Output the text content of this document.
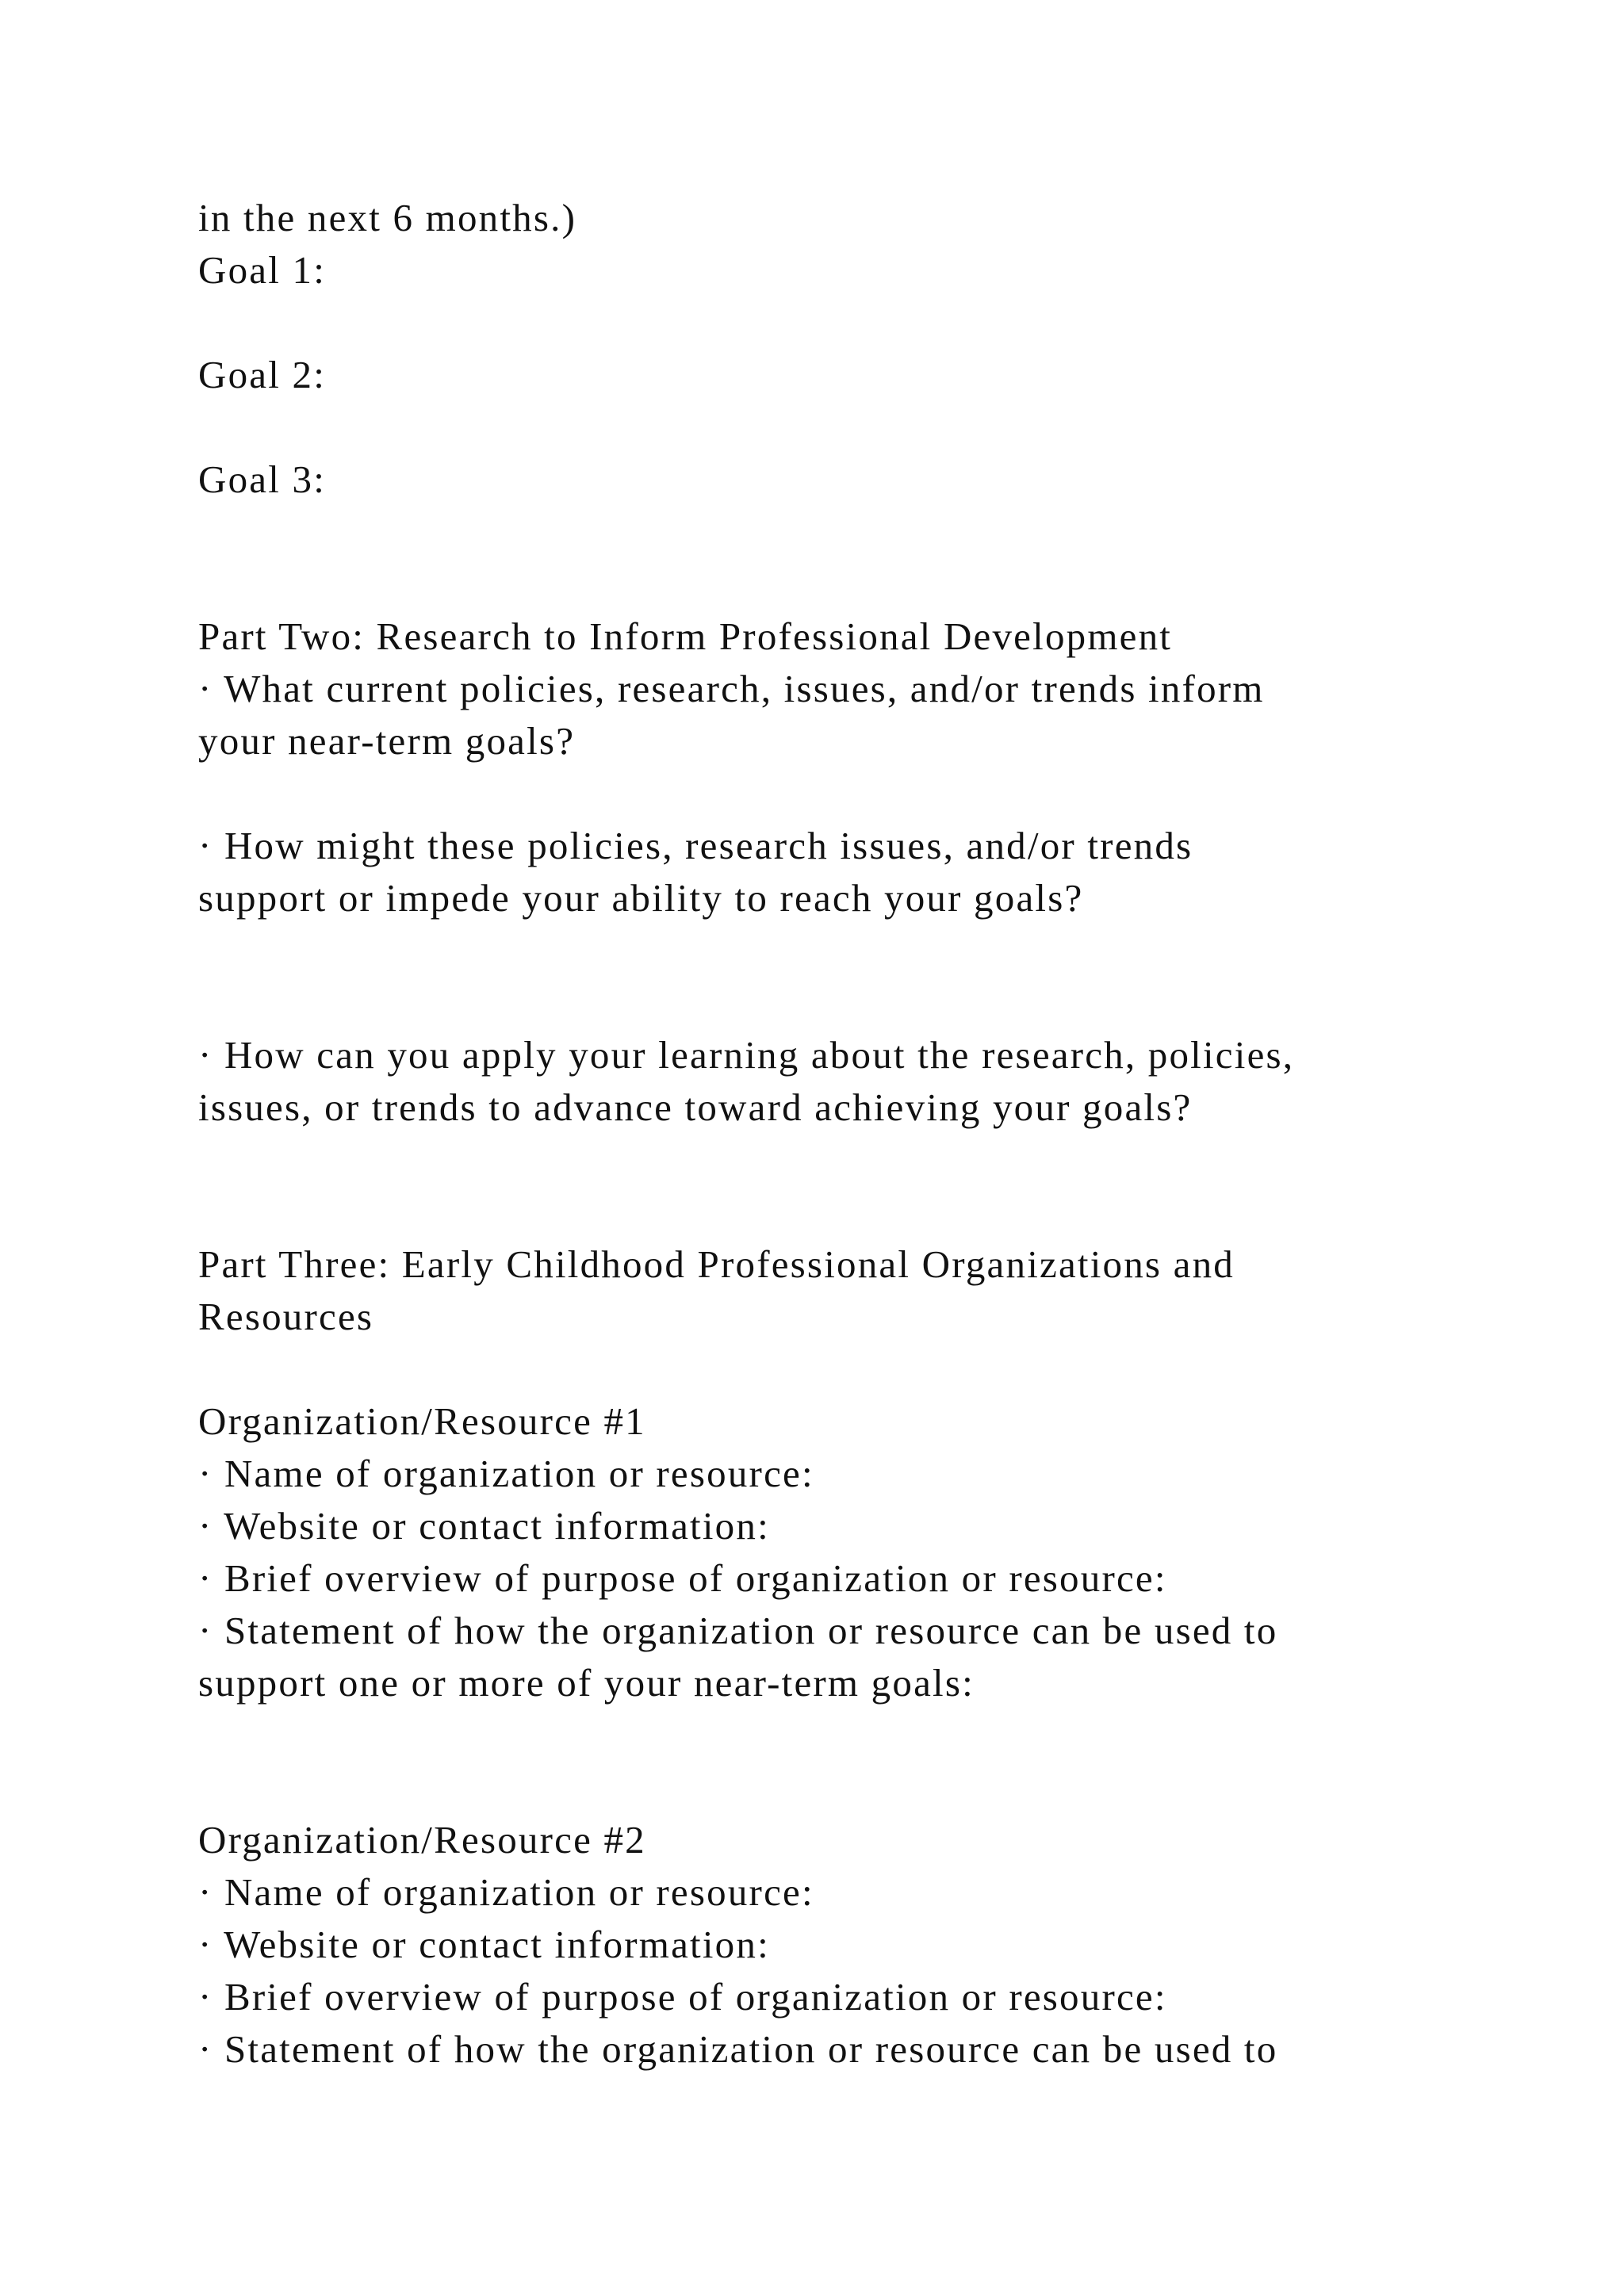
in the next 6 months.)
Goal 1:
Goal 2:
Goal 3:
Part Two: Research to Inform Professional Development
· What current policies, research, issues, and/or trends inform
your near-term goals?
· How might these policies, research issues, and/or trends
support or impede your ability to reach your goals?
· How can you apply your learning about the research, policies,
issues, or trends to advance toward achieving your goals?
Part Three: Early Childhood Professional Organizations and
Resources
Organization/Resource #1
· Name of organization or resource:
· Website or contact information:
· Brief overview of purpose of organization or resource:
· Statement of how the organization or resource can be used to
support one or more of your near-term goals:
Organization/Resource #2
· Name of organization or resource:
· Website or contact information:
· Brief overview of purpose of organization or resource:
· Statement of how the organization or resource can be used to
